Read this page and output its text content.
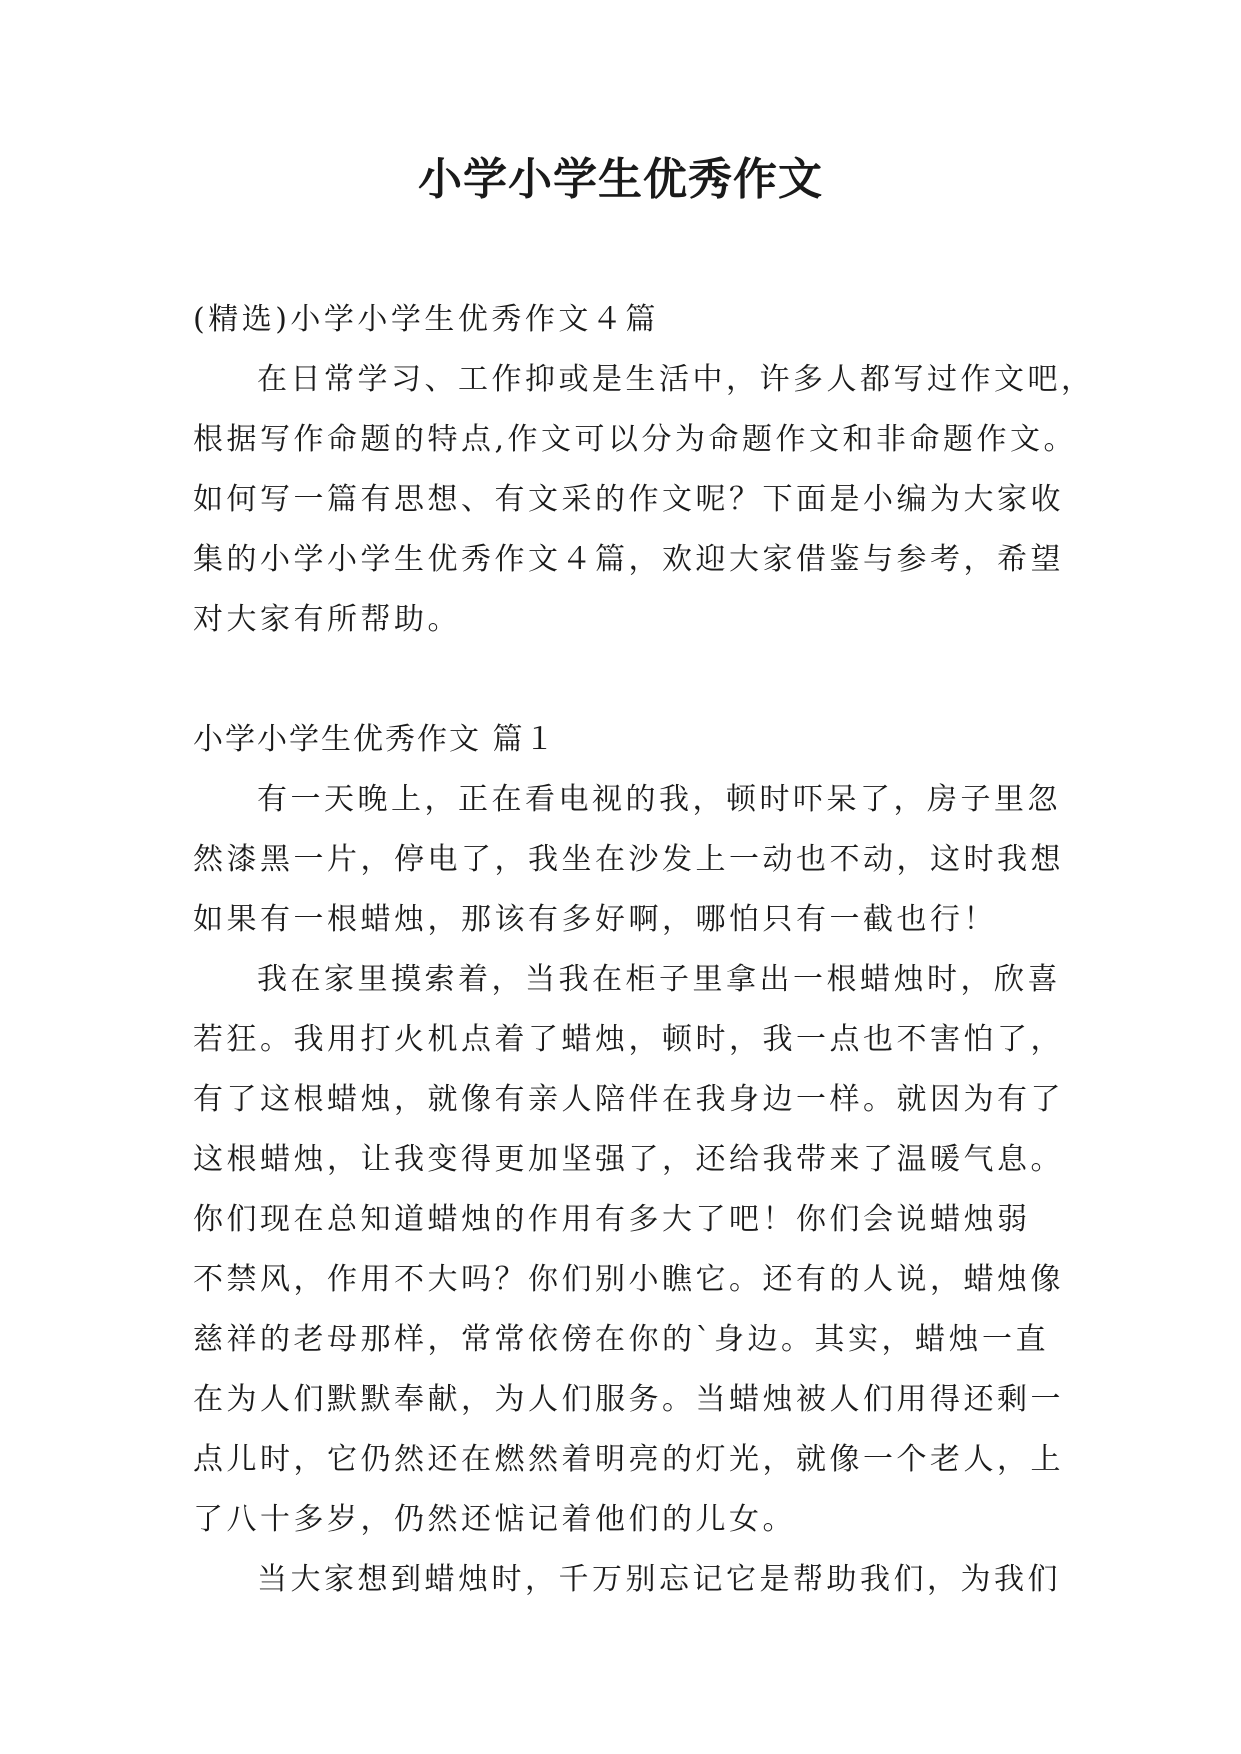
小学小学生优秀作文

(精选)小学小学生优秀作文４篇

在日常学习、工作抑或是生活中，许多人都写过作文吧，

根据写作命题的特点,作文可以分为命题作文和非命题作文。

如何写一篇有思想、有文采的作文呢？下面是小编为大家收

集的小学小学生优秀作文４篇，欢迎大家借鉴与参考，希望

对大家有所帮助。

小学小学生优秀作文 篇１

有一天晚上，正在看电视的我，顿时吓呆了，房子里忽

然漆黑一片，停电了，我坐在沙发上一动也不动，这时我想

如果有一根蜡烛，那该有多好啊，哪怕只有一截也行！

我在家里摸索着，当我在柜子里拿出一根蜡烛时，欣喜

若狂。我用打火机点着了蜡烛，顿时，我一点也不害怕了，

有了这根蜡烛，就像有亲人陪伴在我身边一样。就因为有了

这根蜡烛，让我变得更加坚强了，还给我带来了温暖气息。

你们现在总知道蜡烛的作用有多大了吧！你们会说蜡烛弱

不禁风，作用不大吗？你们别小瞧它。还有的人说，蜡烛像

慈祥的老母那样，常常依傍在你的`身边。其实，蜡烛一直

在为人们默默奉献，为人们服务。当蜡烛被人们用得还剩一

点儿时，它仍然还在燃然着明亮的灯光，就像一个老人，上

了八十多岁，仍然还惦记着他们的儿女。

当大家想到蜡烛时，千万别忘记它是帮助我们，为我们
